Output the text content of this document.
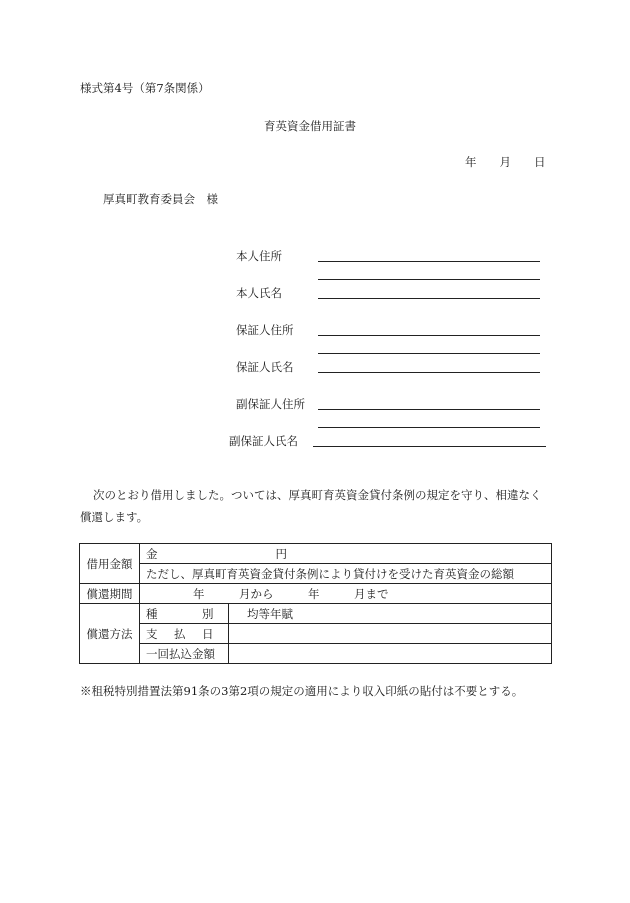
様式第4号（第7条関係）
育英資金借用証書
年　　月　　日
厚真町教育委員会　様
本人住所
本人氏名
保証人住所
保証人氏名
副保証人住所
副保証人氏名
次のとおり借用しました。ついては、厚真町育英資金貸付条例の規定を守り、相違なく
償還します。
借用金額	金 円	
	ただし、厚真町育英資金貸付条例により貸付けを受けた育英資金の総額	
償還期間	年　　　月から　　　年　　　月まで	
償還方法	種　　　別	均等年賦
	支　払　日	
	一回払込金額	
※租税特別措置法第91条の3第2項の規定の適用により収入印紙の貼付は不要とする。
